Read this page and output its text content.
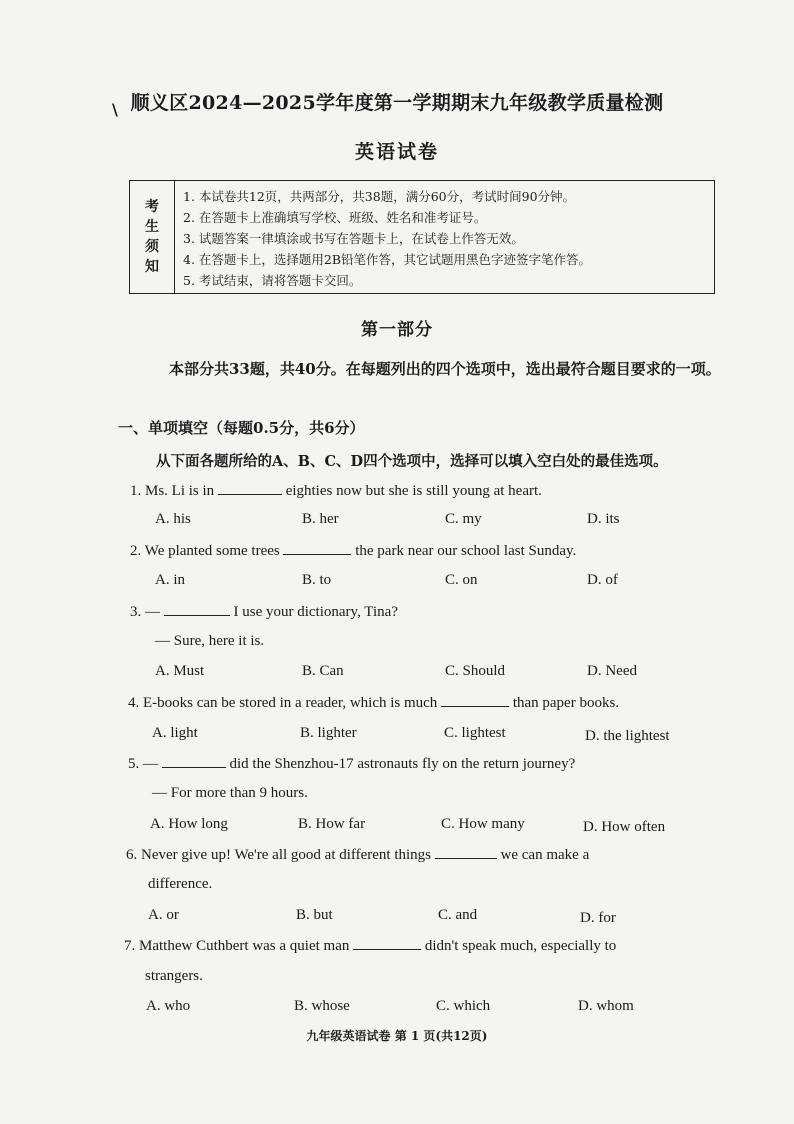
\ 顺义区2024—2025学年度第一学期期末九年级教学质量检测
英语试卷
考
生
须
知
1. 本试卷共12页，共两部分，共38题，满分60分，考试时间90分钟。
2. 在答题卡上准确填写学校、班级、姓名和准考证号。
3. 试题答案一律填涂或书写在答题卡上，在试卷上作答无效。
4. 在答题卡上，选择题用2B铅笔作答，其它试题用黑色字迹签字笔作答。
5. 考试结束，请将答题卡交回。
第一部分
本部分共33题，共40分。在每题列出的四个选项中，选出最符合题目要求的一项。
一、单项填空（每题0.5分，共6分）
从下面各题所给的A、B、C、D四个选项中，选择可以填入空白处的最佳选项。
1. Ms. Li is in	eighties now but she is still young at heart.
A. his	B. her	C. my	D. its
2. We planted some trees	the park near our school last Sunday.
A. in	B. to	C. on	D. of
3. —	I use your dictionary, Tina?
— Sure, here it is.
A. Must	B. Can	C. Should	D. Need
4. E-books can be stored in a reader, which is much	than paper books.
A. light	B. lighter	C. lightest	D. the lightest
5. —	did the Shenzhou-17 astronauts fly on the return journey?
— For more than 9 hours.
A. How long	B. How far	C. How many	D. How often
6. Never give up! We're all good at different things	we can make a
difference.
A. or	B. but	C. and	D. for
7. Matthew Cuthbert was a quiet man	didn't speak much, especially to
strangers.
A. who	B. whose	C. which	D. whom
九年级英语试卷 第 1 页(共12页)
